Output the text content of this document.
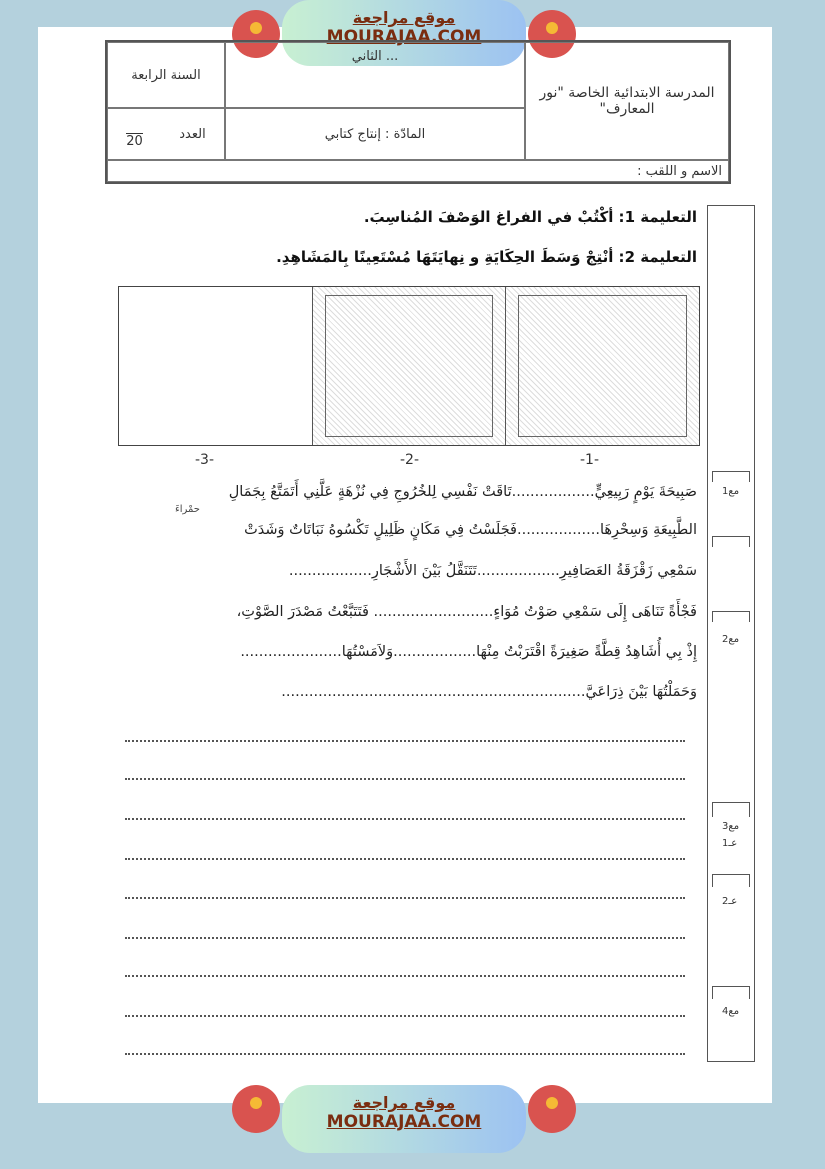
موقع مراجعة
MOURAJAA.COM
المدرسة الابتدائية الخاصة "نور المعارف"
... الثاني
السنة الرابعة
المادّة : إنتاج كتابي
20	العدد
الاسم و اللقب :
التعليمة 1: أكْتُبْ في الفراغ الوَصْفَ المُناسِبَ.
التعليمة 2: أنْتِجْ وَسَطَ الحِكَايَةِ و نِهايَتَهَا مُسْتَعِينًا بِالمَشَاهِدِ.
-1-
-2-
-3-
صَبِيحَةَ يَوْمٍ رَبِيعِيٍّ..................تَاقَتْ نَفْسِي لِلخُرُوجِ فِي نُزْهَةٍ عَلَّنِي أَتَمَتَّعُ بِجَمَالِ
حمْراءَ
الطَّبِيعَةِ وَسِحْرِهَا..................فَجَلَسْتُ فِي مَكَانٍ ظَلِيلٍ تَكْسُوهُ نَبَاتَاتٌ وَشَدَتْ
سَمْعِي زَقْزَقَةُ العَصَافِيرِ..................تَتَنَقَّلُ بَيْنَ الأَشْجَارِ..................
فَجْأَةً تَنَاهَى إِلَى سَمْعِي صَوْتُ مُوَاءٍ.......................... فَتَتَبَّعْتُ مَصْدَرَ الصَّوْتِ،
إِذْ بِي أُشَاهِدُ قِطَّةً صَغِيرَةً اقْتَرَبْتُ مِنْهَا..................وَلاَمَسْتُهَا......................
وَحَمَلْتُهَا بَيْنَ ذِرَاعَيَّ..................................................................
مع1
مع2
مع3
عـ1
عـ2
مع4
موقع مراجعة
MOURAJAA.COM
